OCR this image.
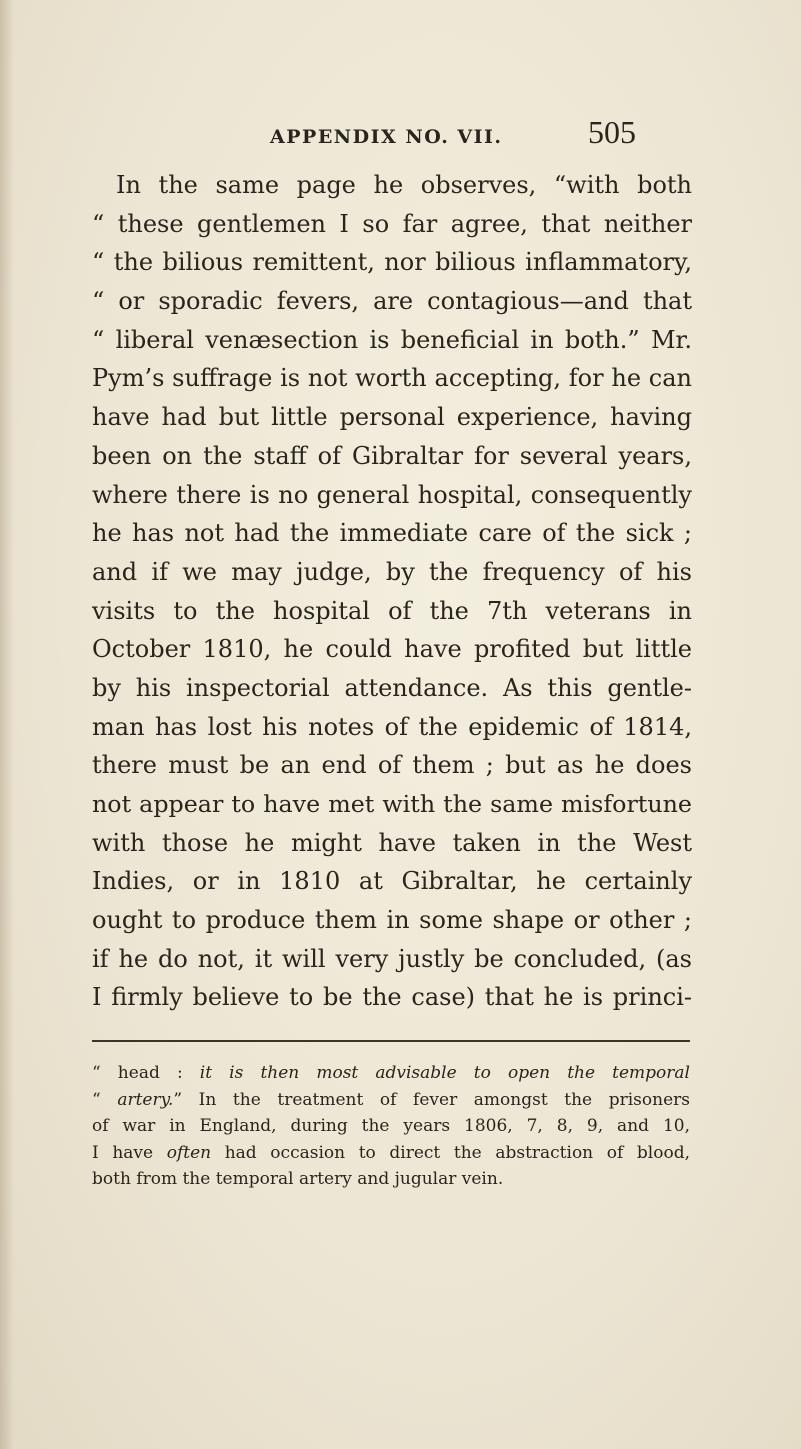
APPENDIX NO. VII.	505
In the same page he observes, “with both
“ these gentlemen I so far agree, that neither
“ the bilious remittent, nor bilious inflammatory,
“ or sporadic fevers, are contagious—and that
“ liberal venæsection is beneficial in both.” Mr.
Pym’s suffrage is not worth accepting, for he can
have had but little personal experience, having
been on the staff of Gibraltar for several years,
where there is no general hospital, consequently
he has not had the immediate care of the sick ;
and if we may judge, by the frequency of his
visits to the hospital of the 7th veterans in
October 1810, he could have profited but little
by his inspectorial attendance. As this gentle-
man has lost his notes of the epidemic of 1814,
there must be an end of them ; but as he does
not appear to have met with the same misfortune
with those he might have taken in the West
Indies, or in 1810 at Gibraltar, he certainly
ought to produce them in some shape or other ;
if he do not, it will very justly be concluded, (as
I firmly believe to be the case) that he is princi-
“ head : it is then most advisable to open the temporal
“ artery.” In the treatment of fever amongst the prisoners
of war in England, during the years 1806, 7, 8, 9, and 10,
I have often had occasion to direct the abstraction of blood,
both from the temporal artery and jugular vein.
